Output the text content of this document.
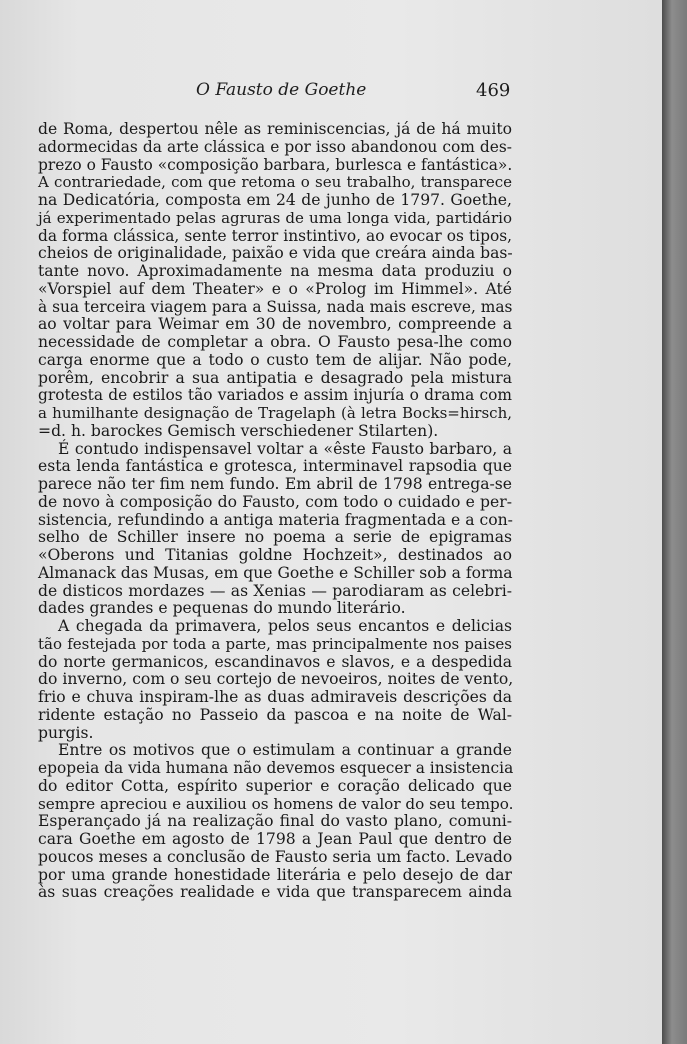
O Fausto de Goethe	469
de Roma, despertou nêle as reminiscencias, já de há muito
adormecidas da arte clássica e por isso abandonou com des-
prezo o Fausto «composição barbara, burlesca e fantástica».
A contrariedade, com que retoma o seu trabalho, transparece
na Dedicatória, composta em 24 de junho de 1797. Goethe,
já experimentado pelas agruras de uma longa vida, partidário
da forma clássica, sente terror instintivo, ao evocar os tipos,
cheios de originalidade, paixão e vida que creára ainda bas-
tante novo. Aproximadamente na mesma data produziu o
«Vorspiel auf dem Theater» e o «Prolog im Himmel». Até
à sua terceira viagem para a Suissa, nada mais escreve, mas
ao voltar para Weimar em 30 de novembro, compreende a
necessidade de completar a obra. O Fausto pesa-lhe como
carga enorme que a todo o custo tem de alijar. Não pode,
porêm, encobrir a sua antipatia e desagrado pela mistura
grotesta de estilos tão variados e assim injuría o drama com
a humilhante designação de Tragelaph (à letra Bocks=hirsch,
=d. h. barockes Gemisch verschiedener Stilarten).
É contudo indispensavel voltar a «êste Fausto barbaro, a
esta lenda fantástica e grotesca, interminavel rapsodia que
parece não ter fim nem fundo. Em abril de 1798 entrega-se
de novo à composição do Fausto, com todo o cuidado e per-
sistencia, refundindo a antiga materia fragmentada e a con-
selho de Schiller insere no poema a serie de epigramas
«Oberons und Titanias goldne Hochzeit», destinados ao
Almanack das Musas, em que Goethe e Schiller sob a forma
de disticos mordazes — as Xenias — parodiaram as celebri-
dades grandes e pequenas do mundo literário.
A chegada da primavera, pelos seus encantos e delicias
tão festejada por toda a parte, mas principalmente nos paises
do norte germanicos, escandinavos e slavos, e a despedida
do inverno, com o seu cortejo de nevoeiros, noites de vento,
frio e chuva inspiram-lhe as duas admiraveis descrições da
ridente estação no Passeio da pascoa e na noite de Wal-
purgis.
Entre os motivos que o estimulam a continuar a grande
epopeia da vida humana não devemos esquecer a insistencia
do editor Cotta, espírito superior e coração delicado que
sempre apreciou e auxiliou os homens de valor do seu tempo.
Esperançado já na realização final do vasto plano, comuni-
cara Goethe em agosto de 1798 a Jean Paul que dentro de
poucos meses a conclusão de Fausto seria um facto. Levado
por uma grande honestidade literária e pelo desejo de dar
às suas creações realidade e vida que transparecem ainda
